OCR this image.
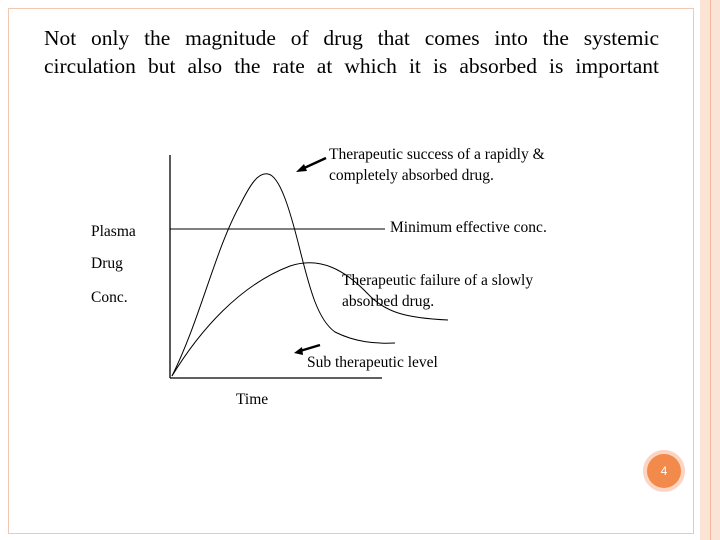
Not only the magnitude of drug that comes into the systemic
circulation but also the rate at which it is absorbed is important
Plasma
Drug
Conc.
Time
Therapeutic success of a rapidly &
completely absorbed drug.
Minimum effective conc.
Therapeutic failure of a slowly
absorbed drug.
Sub therapeutic level
4
